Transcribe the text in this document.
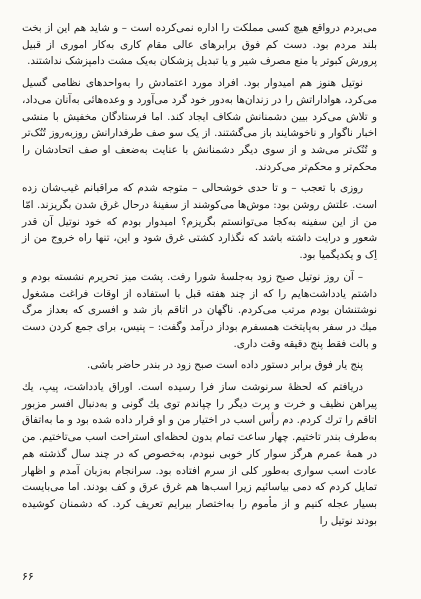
می‌بردم درواقع هیچ کسی مملکت را اداره نمی‌کرده است – و شاید هم این از بخت بلند مردم بود. دست کم فوق برابرهای عالی مقام کاری به‌کار اموری از قبیل پرورش کبوتر یا منع مصرف شیر و یا تبدیل پزشکان به‌یک مشت دامپزشک نداشتند.

نوتیل هنوز هم امیدوار بود. افراد مورد اعتمادش را به‌واحدهای نظامی گسیل می‌کرد، هواداراتش را در زندان‌ها به‌دور خود گرد می‌آورد و وعده‌هائی به‌آنان می‌داد، و تلاش می‌کرد بیین دشمنانش شکاف ایجاد کند. اما فرستادگان مخفیش با منشی اخبار ناگوار و ناخوشایند باز می‌گشتند. از یک سو صف طرفدارانش روزبه‌روز تُنُک‌تر و تُنُک‌تر می‌شد و از سوی دیگر دشمنانش با عنایت به‌ضعف او صف اتحادشان را محکم‌تر و محکم‌تر می‌کردند.

روزی با تعجب – و تا حدی خوشحالی – متوجه شدم که مراقبانم غیب‌شان زده است. علتش روشن بود: موش‌ها می‌کوشند از سفینهٔ درحال غرق شدن بگریزند. امّا من از این سفینه به‌کجا می‌توانستم بگریزم؟ امیدوار بودم که خود نوتیل آن قدر شعور و درایت داشته باشد که نگذارد کشتی غرق شود و این، تنها راه خروج من از اِک و یکدیگمیا بود.

– آن روز نوتیل صبح زود به‌جلسهٔ شورا رفت. پشت میز تحریرم نشسته بودم و داشتم یادداشت‌هایم را که از چند هفته قبل با استفاده از اوقات فراغت مشغول نوشتنشان بودم مرتب می‌کردم. ناگهان در اتاقم باز شد و افسری که بعداز مرگ میك در سفر به‌پایتخت همسفرم بوداز درآمد وگفت: – پنیس، برای جمع کردن دست و بالت فقط پنج دقیقه وقت داری.

پنج یار فوق برابر دستور داده است صبح زود در بندر حاضر باشی.

دریافتم که لحظهٔ سرنوشت ساز فرا رسیده است. اوراق یادداشت، پیپ، یك پیراهن نظیف و خرت و پرت دیگر را چپاندم توی یك گونی و به‌دنبال افسر مزبور اتاقم را ترك کردم. دم رأس اسب در اختیار من و او قرار داده شده بود و ما به‌اتفاق به‌طرف بندر تاختیم. چهار ساعت تمام بدون لحظه‌ای استراحت اسب می‌تاختیم. من در همهٔ عمرم هرگز سوار کار خوبی نبودم، به‌خصوص که در چند سال گذشته هم عادت اسب سواری به‌طور کلی از سرم افتاده بود. سرانجام به‌زبان آمدم و اظهار تمایل کردم که دمی بیاسائیم زیرا اسب‌ها هم غرق عرق و کف بودند. اما می‌بایست بسیار عجله کنیم و از مأموم را به‌اختصار بیرایم تعریف کرد. که دشمنان کوشیده بودند نوتیل را

۶۶
